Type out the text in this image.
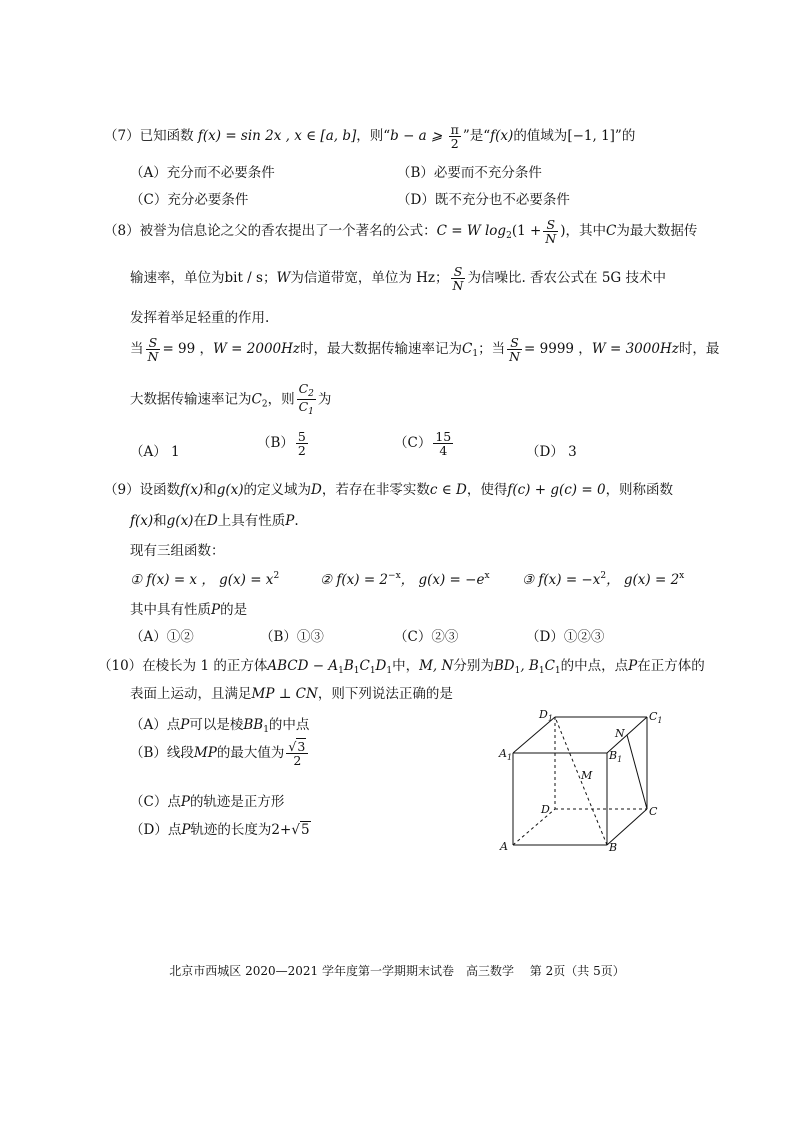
（7）已知函数 f(x) = sin 2x , x ∈ [a, b]，则“b − a ⩾ $\frac{\pi}{2}$ ”是“f(x)的值域为[−1, 1]”的
（A）充分而不必要条件	（B）必要而不充分条件
（C）充分必要条件	（D）既不充分也不必要条件
（8）被誉为信息论之父的香农提出了一个著名的公式：C = W $\log_2(1 + \frac{S}{N}$ )，其中C为最大数据传
输速率，单位为bit / s；W为信道带宽，单位为 Hz； $\frac{S}{N}$ 为信噪比. 香农公式在 5G 技术中
发挥着举足轻重的作用.
当 $\frac{S}{N} = 99$ ，W = 2000Hz时，最大数据传输速率记为$C_1$；当 $\frac{S}{N} = 9999$ ，W = 3000Hz时，最
大数据传输速率记为$C_2$，则 $\frac{C_2}{C_1}$ 为
（A） 1
$(B) \frac{5}{2}$	$(C) \frac{15}{4}$	（D） 3
（9）设函数f(x)和g(x)的定义域为D，若存在非零实数c ∈ D，使得f(c) + g(c) = 0，则称函数
f(x)和g(x)在D上具有性质P.
现有三组函数：
① f(x) = x ， $g(x) = x^2$	② $f(x) = 2^{-x}$， $g(x) = -e^x$ ③ $f(x) = -x^2$， $g(x) = 2^x$
其中具有性质P的是
（A）①②	（B）①③	（C）②③	（D）①②③
（10）在棱长为 1 的正方体ABCD − $A_1B_1C_1D_1$中，M, N分别为$BD_1$, $B_1C_1$的中点，点P在正方体的
表面上运动，且满足MP ⊥ CN，则下列说法正确的是
（A）点P可以是棱$BB_1$的中点
（B）线段MP的最大值为 $\frac{√3}{2}$
（C）点P的轨迹是正方形
（D）点P轨迹的长度为2+√5
$D_1$	$C_1$
$A_1$	$B_1$
N
M
D	C
A	B
北京市西城区 2020—2021 学年度第一学期期末试卷　高三数学　 第 2页（共 5页）
